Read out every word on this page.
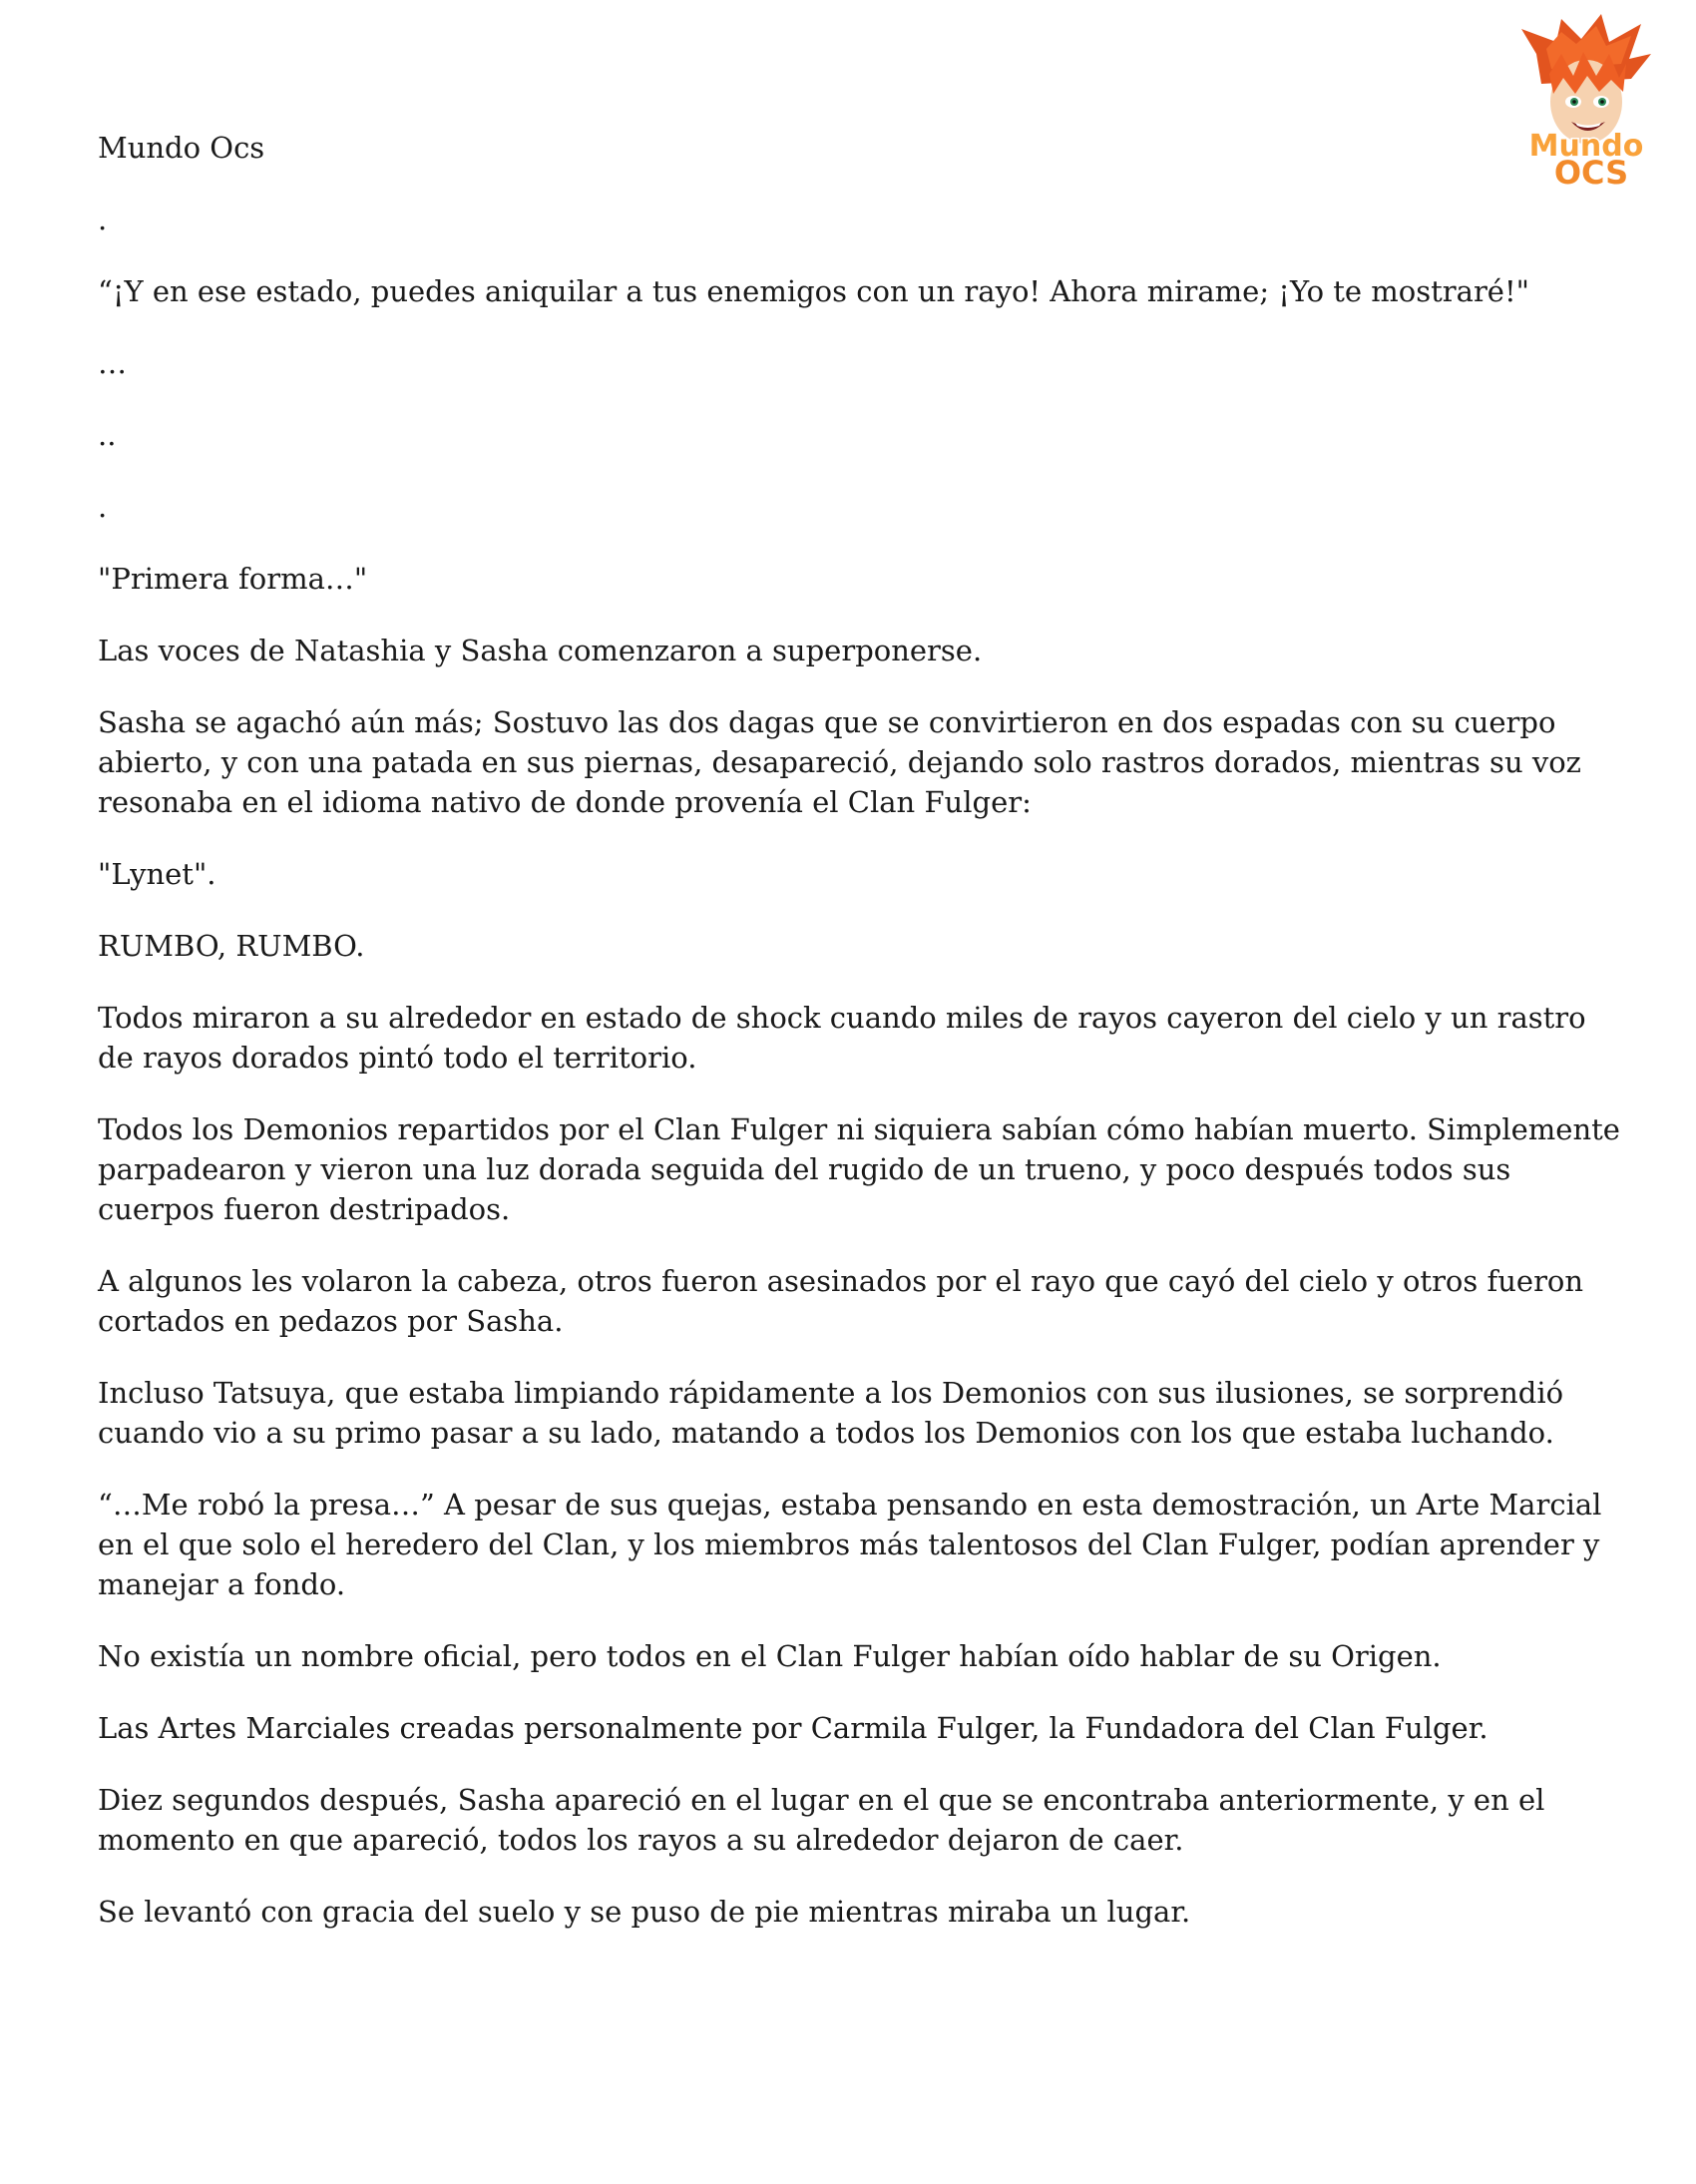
Mundo
OCS

Mundo Ocs

.

“¡Y en ese estado, puedes aniquilar a tus enemigos con un rayo! Ahora mirame; ¡Yo te mostraré!"

…

..

.

"Primera forma…"

Las voces de Natashia y Sasha comenzaron a superponerse.

Sasha se agachó aún más; Sostuvo las dos dagas que se convirtieron en dos espadas con su cuerpo abierto, y con una patada en sus piernas, desapareció, dejando solo rastros dorados, mientras su voz resonaba en el idioma nativo de donde provenía el Clan Fulger:

"Lynet".

RUMBO, RUMBO.

Todos miraron a su alrededor en estado de shock cuando miles de rayos cayeron del cielo y un rastro de rayos dorados pintó todo el territorio.

Todos los Demonios repartidos por el Clan Fulger ni siquiera sabían cómo habían muerto. Simplemente parpadearon y vieron una luz dorada seguida del rugido de un trueno, y poco después todos sus cuerpos fueron destripados.

A algunos les volaron la cabeza, otros fueron asesinados por el rayo que cayó del cielo y otros fueron cortados en pedazos por Sasha.

Incluso Tatsuya, que estaba limpiando rápidamente a los Demonios con sus ilusiones, se sorprendió cuando vio a su primo pasar a su lado, matando a todos los Demonios con los que estaba luchando.

“…Me robó la presa…” A pesar de sus quejas, estaba pensando en esta demostración, un Arte Marcial en el que solo el heredero del Clan, y los miembros más talentosos del Clan Fulger, podían aprender y manejar a fondo.

No existía un nombre oficial, pero todos en el Clan Fulger habían oído hablar de su Origen.

Las Artes Marciales creadas personalmente por Carmila Fulger, la Fundadora del Clan Fulger.

Diez segundos después, Sasha apareció en el lugar en el que se encontraba anteriormente, y en el momento en que apareció, todos los rayos a su alrededor dejaron de caer.

Se levantó con gracia del suelo y se puso de pie mientras miraba un lugar.
